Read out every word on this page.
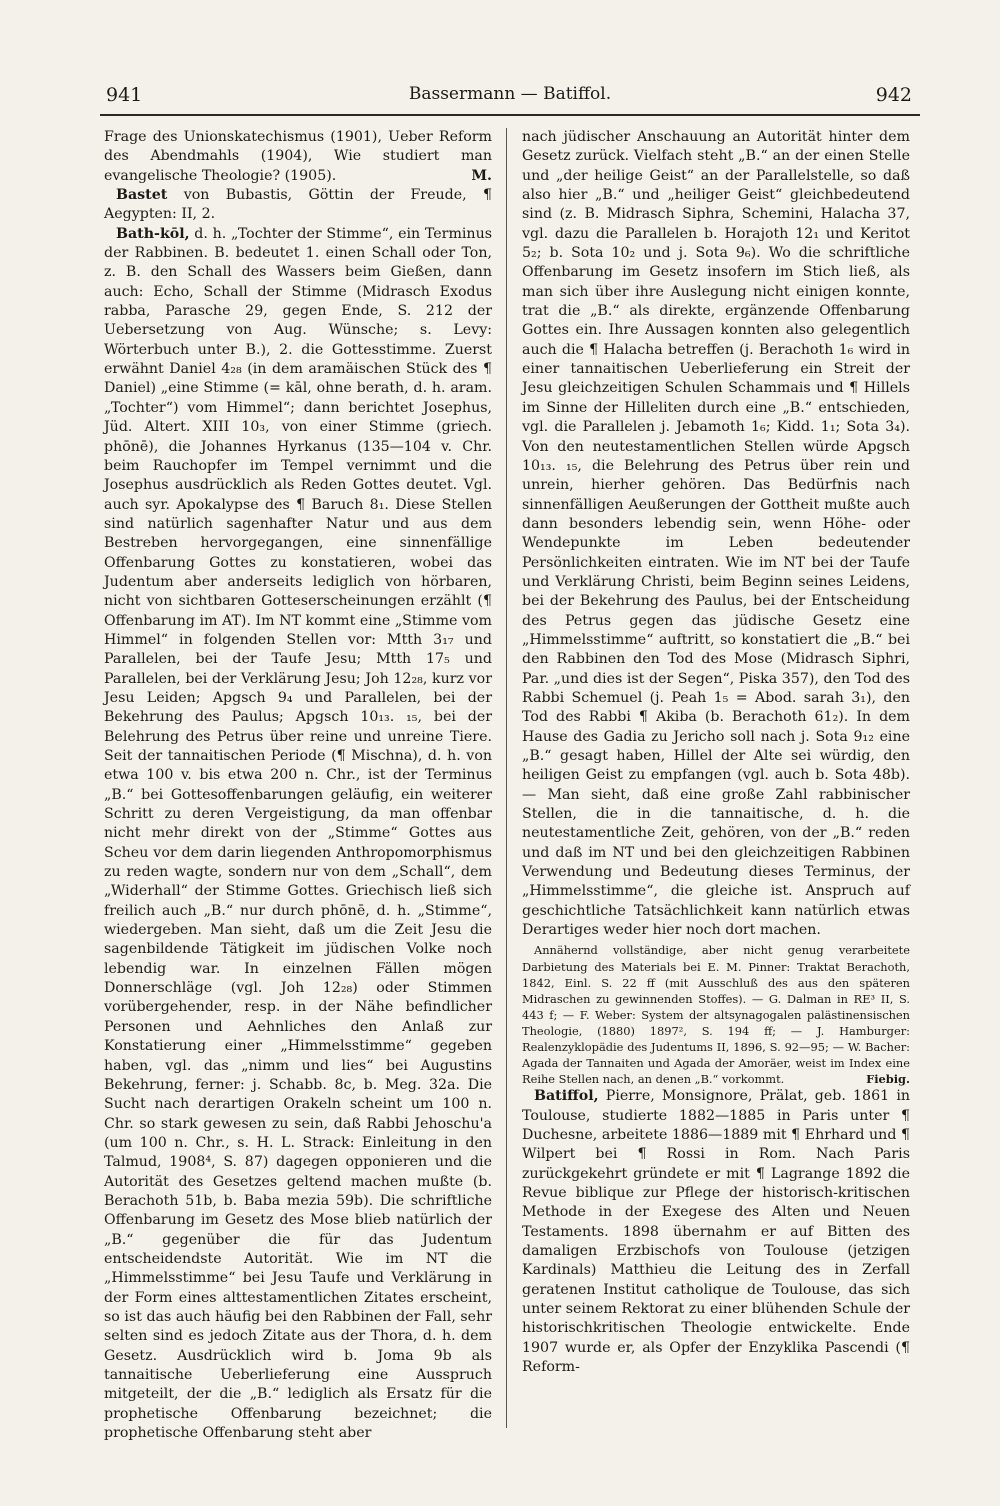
941	Bassermann — Batiffol.	942

Frage des Unionskatechismus (1901), Ueber Reform des Abendmahls (1904), Wie studiert man evangelische Theologie? (1905).	M.

Bastet von Bubastis, Göttin der Freude, ¶ Aegypten: II, 2.

Bath-kōl, d. h. „Tochter der Stimme“, ein Terminus der Rabbinen. B. bedeutet 1. einen Schall oder Ton, z. B. den Schall des Wassers beim Gießen, dann auch: Echo, Schall der Stimme (Midrasch Exodus rabba, Parasche 29, gegen Ende, S. 212 der Uebersetzung von Aug. Wünsche; s. Levy: Wörterbuch unter B.), 2. die Gottesstimme. Zuerst erwähnt Daniel 4₂₈ (in dem aramäischen Stück des ¶ Daniel) „eine Stimme (= kāl, ohne berath, d. h. aram. „Tochter“) vom Himmel“; dann berichtet Josephus, Jüd. Altert. XIII 10₃, von einer Stimme (griech. phōnē), die Johannes Hyrkanus (135—104 v. Chr. beim Rauchopfer im Tempel vernimmt und die Josephus ausdrücklich als Reden Gottes deutet. Vgl. auch syr. Apokalypse des ¶ Baruch 8₁. Diese Stellen sind natürlich sagenhafter Natur und aus dem Bestreben hervorgegangen, eine sinnenfällige Offenbarung Gottes zu konstatieren, wobei das Judentum aber anderseits lediglich von hörbaren, nicht von sichtbaren Gotteserscheinungen erzählt (¶ Offenbarung im AT). Im NT kommt eine „Stimme vom Himmel“ in folgenden Stellen vor: Mtth 3₁₇ und Parallelen, bei der Taufe Jesu; Mtth 17₅ und Parallelen, bei der Verklärung Jesu; Joh 12₂₈, kurz vor Jesu Leiden; Apgsch 9₄ und Parallelen, bei der Bekehrung des Paulus; Apgsch 10₁₃. ₁₅, bei der Belehrung des Petrus über reine und unreine Tiere. Seit der tannaitischen Periode (¶ Mischna), d. h. von etwa 100 v. bis etwa 200 n. Chr., ist der Terminus „B.“ bei Gottesoffenbarungen geläufig, ein weiterer Schritt zu deren Vergeistigung, da man offenbar nicht mehr direkt von der „Stimme“ Gottes aus Scheu vor dem darin liegenden Anthropomorphismus zu reden wagte, sondern nur von dem „Schall“, dem „Widerhall“ der Stimme Gottes. Griechisch ließ sich freilich auch „B.“ nur durch phōnē, d. h. „Stimme“, wiedergeben. Man sieht, daß um die Zeit Jesu die sagenbildende Tätigkeit im jüdischen Volke noch lebendig war. In einzelnen Fällen mögen Donnerschläge (vgl. Joh 12₂₈) oder Stimmen vorübergehender, resp. in der Nähe befindlicher Personen und Aehnliches den Anlaß zur Konstatierung einer „Himmelsstimme“ gegeben haben, vgl. das „nimm und lies“ bei Augustins Bekehrung, ferner: j. Schabb. 8c, b. Meg. 32a. Die Sucht nach derartigen Orakeln scheint um 100 n. Chr. so stark gewesen zu sein, daß Rabbi Jehoschu'a (um 100 n. Chr., s. H. L. Strack: Einleitung in den Talmud, 1908⁴, S. 87) dagegen opponieren und die Autorität des Gesetzes geltend machen mußte (b. Berachoth 51b, b. Baba mezia 59b). Die schriftliche Offenbarung im Gesetz des Mose blieb natürlich der „B.“ gegenüber die für das Judentum entscheidendste Autorität. Wie im NT die „Himmelsstimme“ bei Jesu Taufe und Verklärung in der Form eines alttestamentlichen Zitates erscheint, so ist das auch häufig bei den Rabbinen der Fall, sehr selten sind es jedoch Zitate aus der Thora, d. h. dem Gesetz. Ausdrücklich wird b. Joma 9b als tannaitische Ueberlieferung eine Ausspruch mitgeteilt, der die „B.“ lediglich als Ersatz für die prophetische Offenbarung bezeichnet; die prophetische Offenbarung steht aber

nach jüdischer Anschauung an Autorität hinter dem Gesetz zurück. Vielfach steht „B.“ an der einen Stelle und „der heilige Geist“ an der Parallelstelle, so daß also hier „B.“ und „heiliger Geist“ gleichbedeutend sind (z. B. Midrasch Siphra, Schemini, Halacha 37, vgl. dazu die Parallelen b. Horajoth 12₁ und Keritot 5₂; b. Sota 10₂ und j. Sota 9₆). Wo die schriftliche Offenbarung im Gesetz insofern im Stich ließ, als man sich über ihre Auslegung nicht einigen konnte, trat die „B.“ als direkte, ergänzende Offenbarung Gottes ein. Ihre Aussagen konnten also gelegentlich auch die ¶ Halacha betreffen (j. Berachoth 1₆ wird in einer tannaitischen Ueberlieferung ein Streit der Jesu gleichzeitigen Schulen Schammais und ¶ Hillels im Sinne der Hilleliten durch eine „B.“ entschieden, vgl. die Parallelen j. Jebamoth 1₆; Kidd. 1₁; Sota 3₄). Von den neutestamentlichen Stellen würde Apgsch 10₁₃. ₁₅, die Belehrung des Petrus über rein und unrein, hierher gehören. Das Bedürfnis nach sinnenfälligen Aeußerungen der Gottheit mußte auch dann besonders lebendig sein, wenn Höhe- oder Wendepunkte im Leben bedeutender Persönlichkeiten eintraten. Wie im NT bei der Taufe und Verklärung Christi, beim Beginn seines Leidens, bei der Bekehrung des Paulus, bei der Entscheidung des Petrus gegen das jüdische Gesetz eine „Himmelsstimme“ auftritt, so konstatiert die „B.“ bei den Rabbinen den Tod des Mose (Midrasch Siphri, Par. „und dies ist der Segen“, Piska 357), den Tod des Rabbi Schemuel (j. Peah 1₅ = Abod. sarah 3₁), den Tod des Rabbi ¶ Akiba (b. Berachoth 61₂). In dem Hause des Gadia zu Jericho soll nach j. Sota 9₁₂ eine „B.“ gesagt haben, Hillel der Alte sei würdig, den heiligen Geist zu empfangen (vgl. auch b. Sota 48b). — Man sieht, daß eine große Zahl rabbinischer Stellen, die in die tannaitische, d. h. die neutestamentliche Zeit, gehören, von der „B.“ reden und daß im NT und bei den gleichzeitigen Rabbinen Verwendung und Bedeutung dieses Terminus, der „Himmelsstimme“, die gleiche ist. Anspruch auf geschichtliche Tatsächlichkeit kann natürlich etwas Derartiges weder hier noch dort machen.

Annähernd vollständige, aber nicht genug verarbeitete Darbietung des Materials bei E. M. Pinner: Traktat Berachoth, 1842, Einl. S. 22 ff (mit Ausschluß des aus den späteren Midraschen zu gewinnenden Stoffes). — G. Dalman in RE³ II, S. 443 f; — F. Weber: System der altsynagogalen palästinensischen Theologie, (1880) 1897², S. 194 ff; — J. Hamburger: Realenzyklopädie des Judentums II, 1896, S. 92—95; — W. Bacher: Agada der Tannaiten und Agada der Amoräer, weist im Index eine Reihe Stellen nach, an denen „B.“ vorkommt.	Fiebig.

Batiffol, Pierre, Monsignore, Prälat, geb. 1861 in Toulouse, studierte 1882—1885 in Paris unter ¶ Duchesne, arbeitete 1886—1889 mit ¶ Ehrhard und ¶ Wilpert bei ¶ Rossi in Rom. Nach Paris zurückgekehrt gründete er mit ¶ Lagrange 1892 die Revue biblique zur Pflege der historisch-kritischen Methode in der Exegese des Alten und Neuen Testaments. 1898 übernahm er auf Bitten des damaligen Erzbischofs von Toulouse (jetzigen Kardinals) Matthieu die Leitung des in Zerfall geratenen Institut catholique de Toulouse, das sich unter seinem Rektorat zu einer blühenden Schule der historischkritischen Theologie entwickelte. Ende 1907 wurde er, als Opfer der Enzyklika Pascendi (¶ Reform-
